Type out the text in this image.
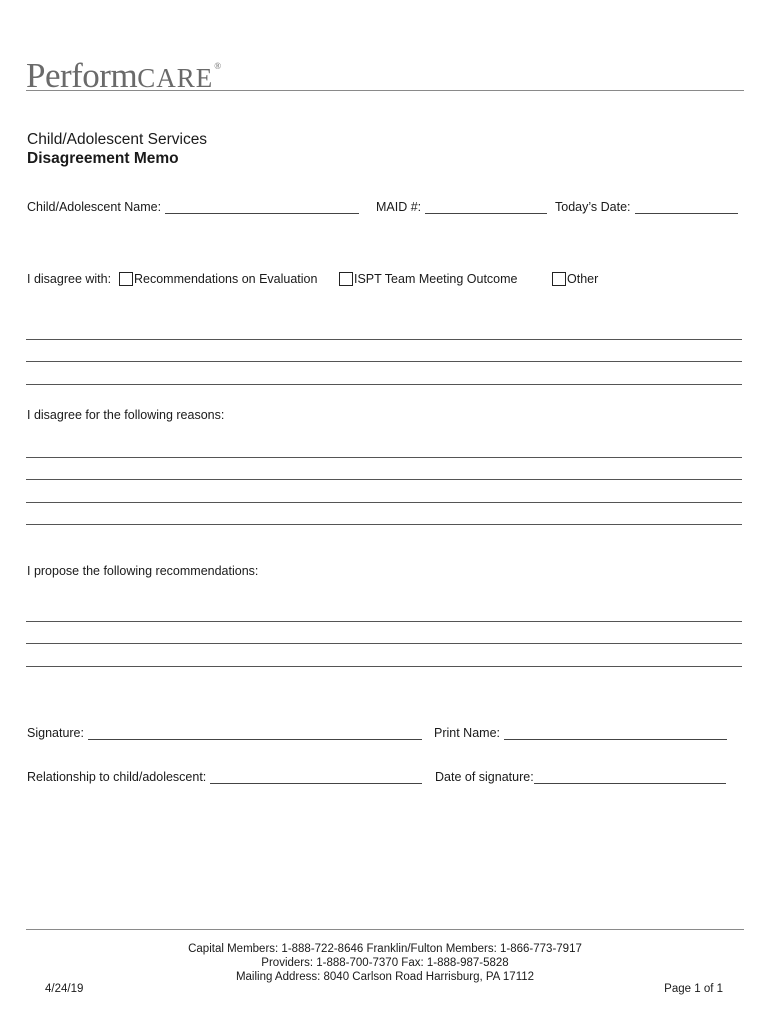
PerformCARE®
Child/Adolescent Services
Disagreement Memo
Child/Adolescent Name:	MAID #:	Today’s Date:
I disagree with: Recommendations on Evaluation	ISPT Team Meeting Outcome	Other
I disagree for the following reasons:
I propose the following recommendations:
Signature:	Print Name:
Relationship to child/adolescent:	Date of signature:
Capital Members: 1-888-722-8646 Franklin/Fulton Members: 1-866-773-7917
Providers: 1-888-700-7370 Fax: 1-888-987-5828
Mailing Address: 8040 Carlson Road Harrisburg, PA 17112
4/24/19	Page 1 of 1
